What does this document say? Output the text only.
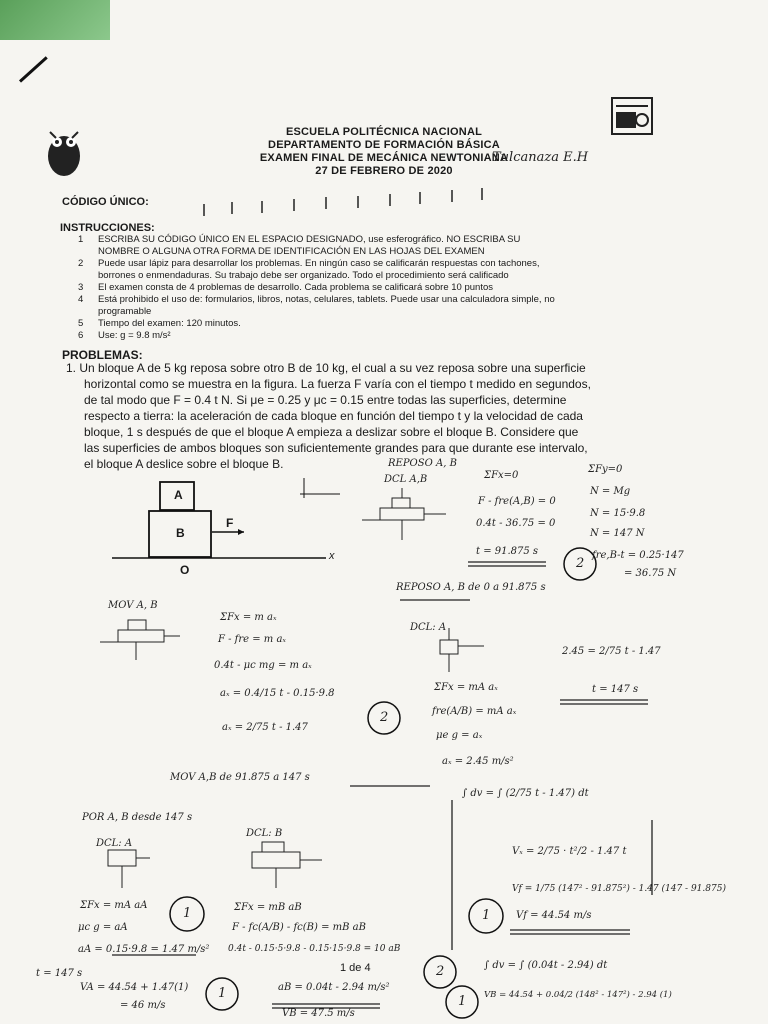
ESCUELA POLITÉCNICA NACIONAL
DEPARTAMENTO DE FORMACIÓN BÁSICA
EXAMEN FINAL DE MECÁNICA NEWTONIANA
27 DE FEBRERO DE 2020
Tulcanaza E.H
CÓDIGO ÚNICO:
INSTRUCCIONES:
1	ESCRIBA SU CÓDIGO ÚNICO EN EL ESPACIO DESIGNADO, use esferográfico. NO ESCRIBA SU
NOMBRE O ALGUNA OTRA FORMA DE IDENTIFICACIÓN EN LAS HOJAS DEL EXAMEN
2	Puede usar lápiz para desarrollar los problemas. En ningún caso se calificarán respuestas con tachones,
borrones o enmendaduras. Su trabajo debe ser organizado. Todo el procedimiento será calificado
3	El examen consta de 4 problemas de desarrollo. Cada problema se calificará sobre 10 puntos
4	Está prohibido el uso de: formularios, libros, notas, celulares, tablets. Puede usar una calculadora simple, no
programable
5	Tiempo del examen: 120 minutos.
6	Use: g = 9.8 m/s²
PROBLEMAS:
1. Un bloque A de 5 kg reposa sobre otro B de 10 kg, el cual a su vez reposa sobre una superficie
horizontal como se muestra en la figura. La fuerza F varía con el tiempo t medido en segundos,
de tal modo que F = 0.4 t N. Si μe = 0.25 y μc = 0.15 entre todas las superficies, determine
respecto a tierra: la aceleración de cada bloque en función del tiempo t y la velocidad de cada
bloque, 1 s después de que el bloque A empieza a deslizar sobre el bloque B. Considere que
las superficies de ambos bloques son suficientemente grandes para que durante ese intervalo,
el bloque A deslice sobre el bloque B.
A
B
F
O
x
REPOSO A, B
DCL A,B	ΣFx=0
ΣFy=0
F - fre(A,B) = 0
N = Mg
0.4t - 36.75 = 0
N = 15·9.8
N = 147 N
t = 91.875 s	fre,B-t = 0.25·147
= 36.75 N
REPOSO A, B de 0 a 91.875 s
MOV A, B
ΣFx = m aₓ
F - fre = m aₓ
0.4t - μc mg = m aₓ
aₓ = 0.4/15 t - 0.15·9.8
aₓ = 2/75 t - 1.47
DCL: A
ΣFx = mA aₓ
fre(A/B) = mA aₓ
μe g = aₓ
aₓ = 2.45 m/s²
2.45 = 2/75 t - 1.47
t = 147 s
MOV A,B de 91.875 a 147 s
∫ dv = ∫ (2/75 t - 1.47) dt
Vₓ = 2/75 · t²/2 - 1.47 t
Vf = 1/75 (147² - 91.875²) - 1.47 (147 - 91.875)
Vf = 44.54 m/s
POR A, B desde 147 s
DCL: A
DCL: B
ΣFx = mA aA
μc g = aA
aA = 0.15·9.8 = 1.47 m/s²
ΣFx = mB aB
F - fc(A/B) - fc(B) = mB aB
0.4t - 0.15·5·9.8 - 0.15·15·9.8 = 10 aB
t = 147 s
VA = 44.54 + 1.47(1)
= 46 m/s
aB = 0.04t - 2.94 m/s²
VB = 47.5 m/s
∫ dv = ∫ (0.04t - 2.94) dt
VB = 44.54 + 0.04/2 (148² - 147²) - 2.94 (1)
1 de 4
2
2
1	1
1
1
2
